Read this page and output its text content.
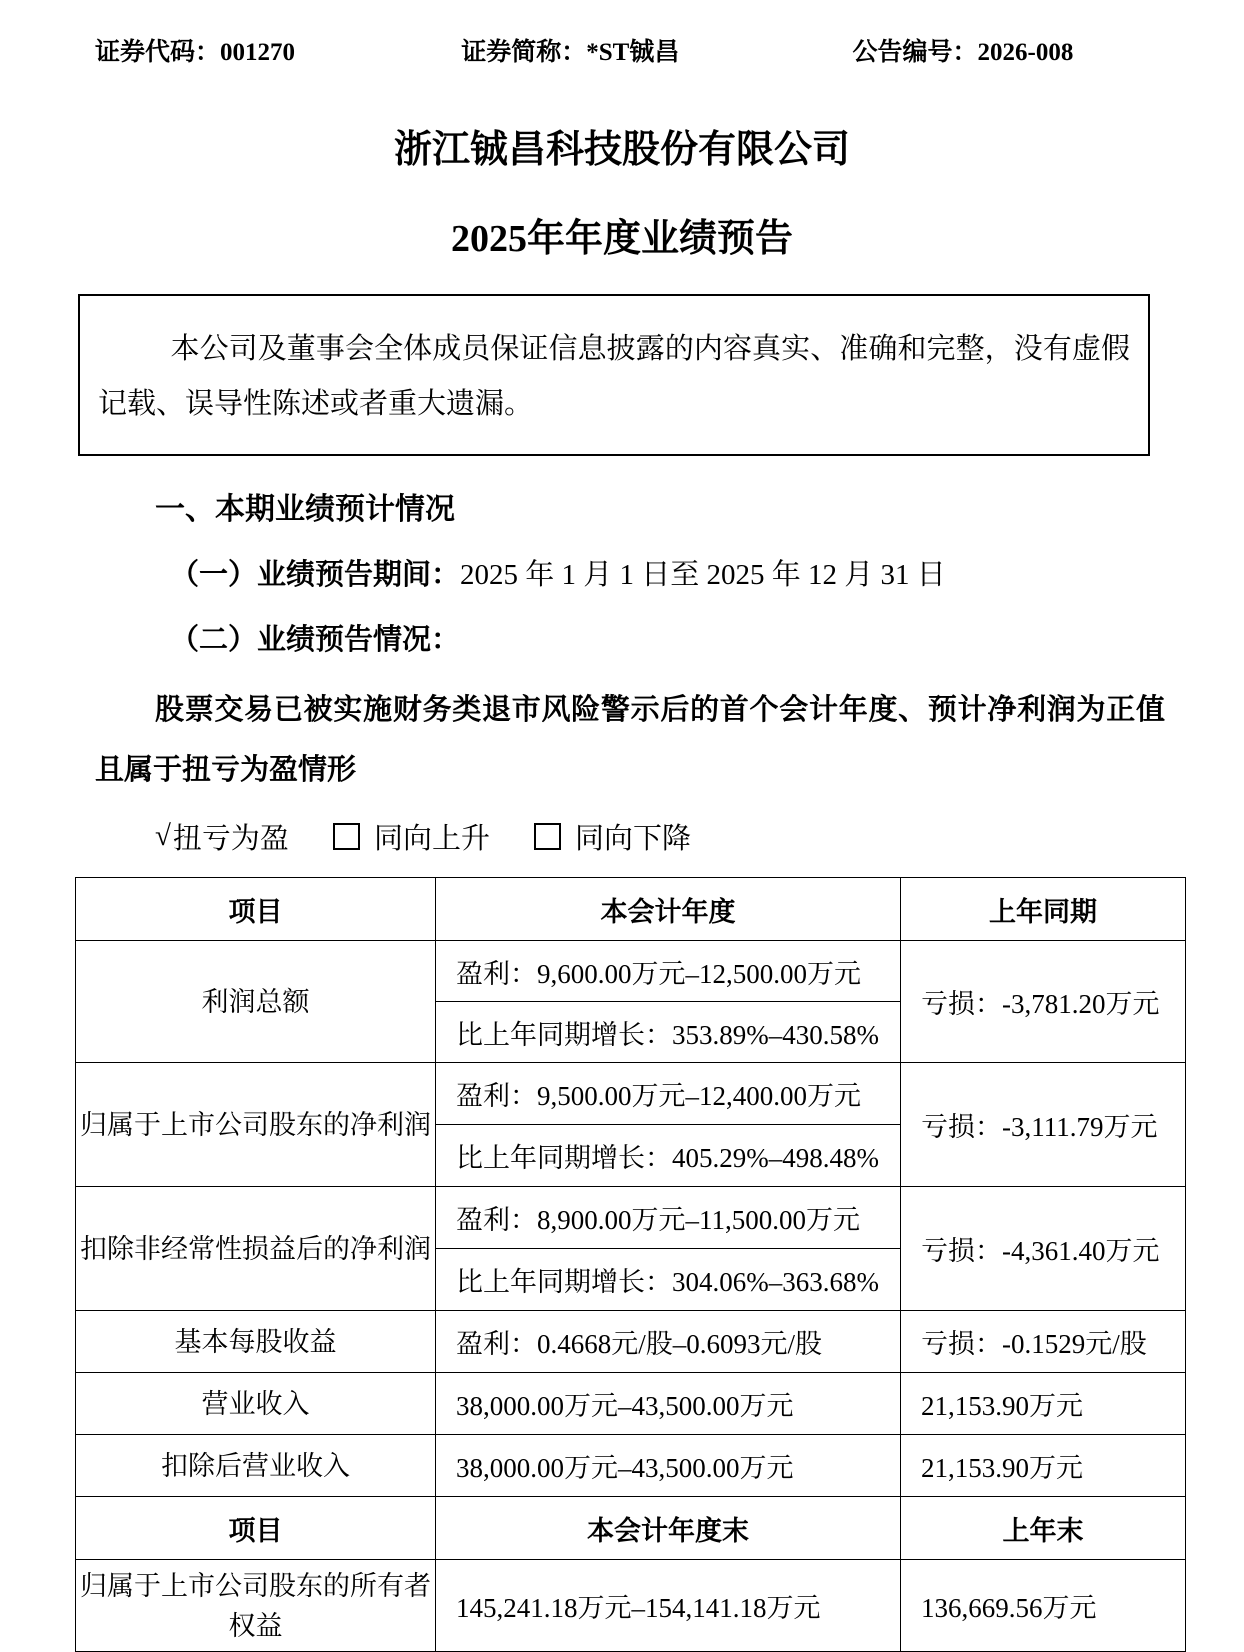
证券代码：001270	证券简称：*ST铖昌	公告编号：2026-008
浙江铖昌科技股份有限公司
2025年年度业绩预告

本公司及董事会全体成员保证信息披露的内容真实、准确和完整，没有虚假记载、误导性陈述或者重大遗漏。

一、本期业绩预计情况
（一）业绩预告期间：2025 年 1 月 1 日至 2025 年 12 月 31 日
（二）业绩预告情况：

股票交易已被实施财务类退市风险警示后的首个会计年度、预计净利润为正值且属于扭亏为盈情形

√ 扭亏为盈	同向上升	同向下降
项目	本会计年度	上年同期
利润总额	盈利：9,600.00万元–12,500.00万元	亏损：-3,781.20万元
	比上年同期增长：353.89%–430.58%	
归属于上市公司股东的净利润	盈利：9,500.00万元–12,400.00万元	亏损：-3,111.79万元
	比上年同期增长：405.29%–498.48%	
扣除非经常性损益后的净利润	盈利：8,900.00万元–11,500.00万元	亏损：-4,361.40万元
	比上年同期增长：304.06%–363.68%	
基本每股收益	盈利：0.4668元/股–0.6093元/股	亏损：-0.1529元/股
营业收入	38,000.00万元–43,500.00万元	21,153.90万元
扣除后营业收入	38,000.00万元–43,500.00万元	21,153.90万元
项目	本会计年度末	上年末
归属于上市公司股东的所有者权益	145,241.18万元–154,141.18万元	136,669.56万元
